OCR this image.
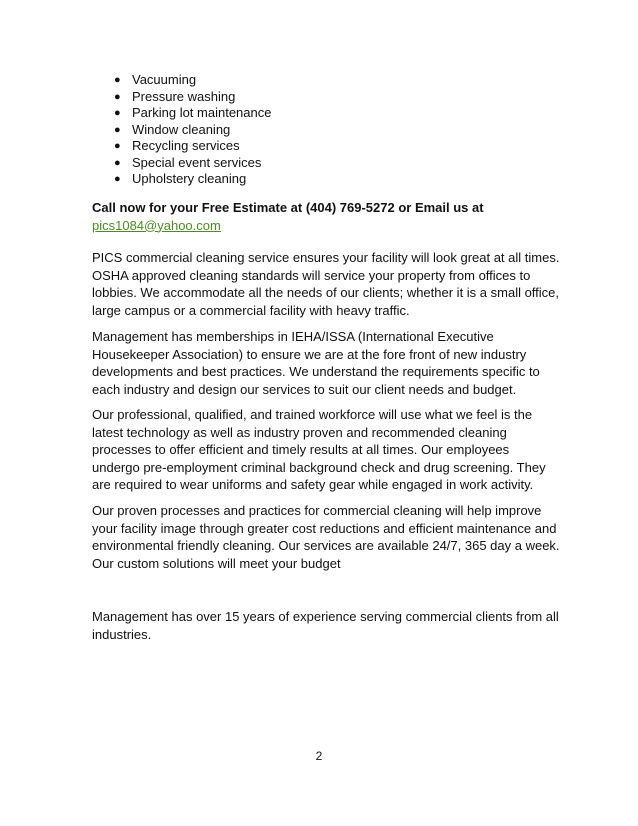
● Vacuuming
● Pressure washing
● Parking lot maintenance
● Window cleaning
● Recycling services
● Special event services
● Upholstery cleaning
Call now for your Free Estimate at (404) 769-5272 or Email us at
pics1084@yahoo.com
PICS commercial cleaning service ensures your facility will look great at all times.
OSHA approved cleaning standards will service your property from offices to
lobbies. We accommodate all the needs of our clients; whether it is a small office,
large campus or a commercial facility with heavy traffic.
Management has memberships in IEHA/ISSA (International Executive
Housekeeper Association) to ensure we are at the fore front of new industry
developments and best practices. We understand the requirements specific to
each industry and design our services to suit our client needs and budget.
Our professional, qualified, and trained workforce will use what we feel is the
latest technology as well as industry proven and recommended cleaning
processes to offer efficient and timely results at all times. Our employees
undergo pre-employment criminal background check and drug screening. They
are required to wear uniforms and safety gear while engaged in work activity.
Our proven processes and practices for commercial cleaning will help improve
your facility image through greater cost reductions and efficient maintenance and
environmental friendly cleaning. Our services are available 24/7, 365 day a week.
Our custom solutions will meet your budget
Management has over 15 years of experience serving commercial clients from all
industries.
2
